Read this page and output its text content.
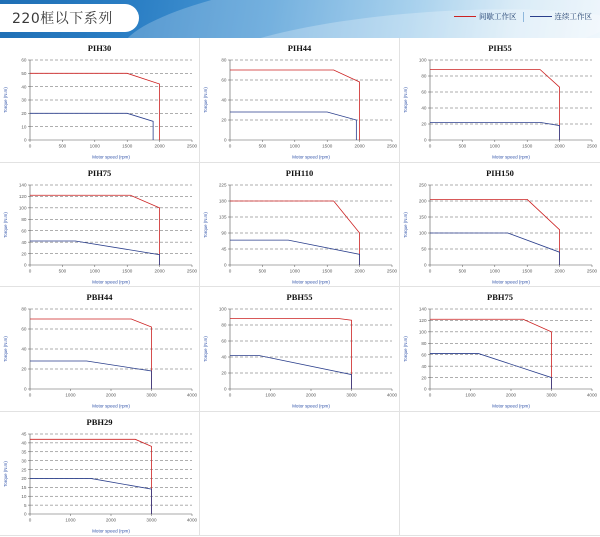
220框以下系列	间歇工作区	连续工作区
PIH30
0
10
20
30
40
50
60
0	500	1000	1500	2000	2500
Motor speed (rpm)
Torque (N.m)
PIH44
0
20
40
60
80
0	500	1000	1500	2000	2500
Motor speed (rpm)
Torque (N.m)
PIH55
0
20
40
60
80
100
0	500	1000	1500	2000	2500
Motor speed (rpm)
Torque (N.m)
PIH75
0
20
40
60
80
100
120
140
0	500	1000	1500	2000	2500
Motor speed (rpm)
Torque (N.m)
PIH110
0
45
90
135
180
225
0	500	1000	1500	2000	2500
Motor speed (rpm)
Torque (N.m)
PIH150
0
50
100
150
200
250
0	500	1000	1500	2000	2500
Motor speed (rpm)
Torque (N.m)
PBH44
0
20
40
60
80
0	1000	2000	3000	4000
Motor speed (rpm)
Torque (N.m)
PBH55
0
20
40
60
80
100
0	1000	2000	3000	4000
Motor speed (rpm)
Torque (N.m)
PBH75
0
20
40
60
80
100
120
140
0	1000	2000	3000	4000
Motor speed (rpm)
Torque (N.m)
PBH29
0
5
10
15
20
25
30
35
40
45
0	1000	2000	3000	4000
Motor speed (rpm)
Torque (N.m)
